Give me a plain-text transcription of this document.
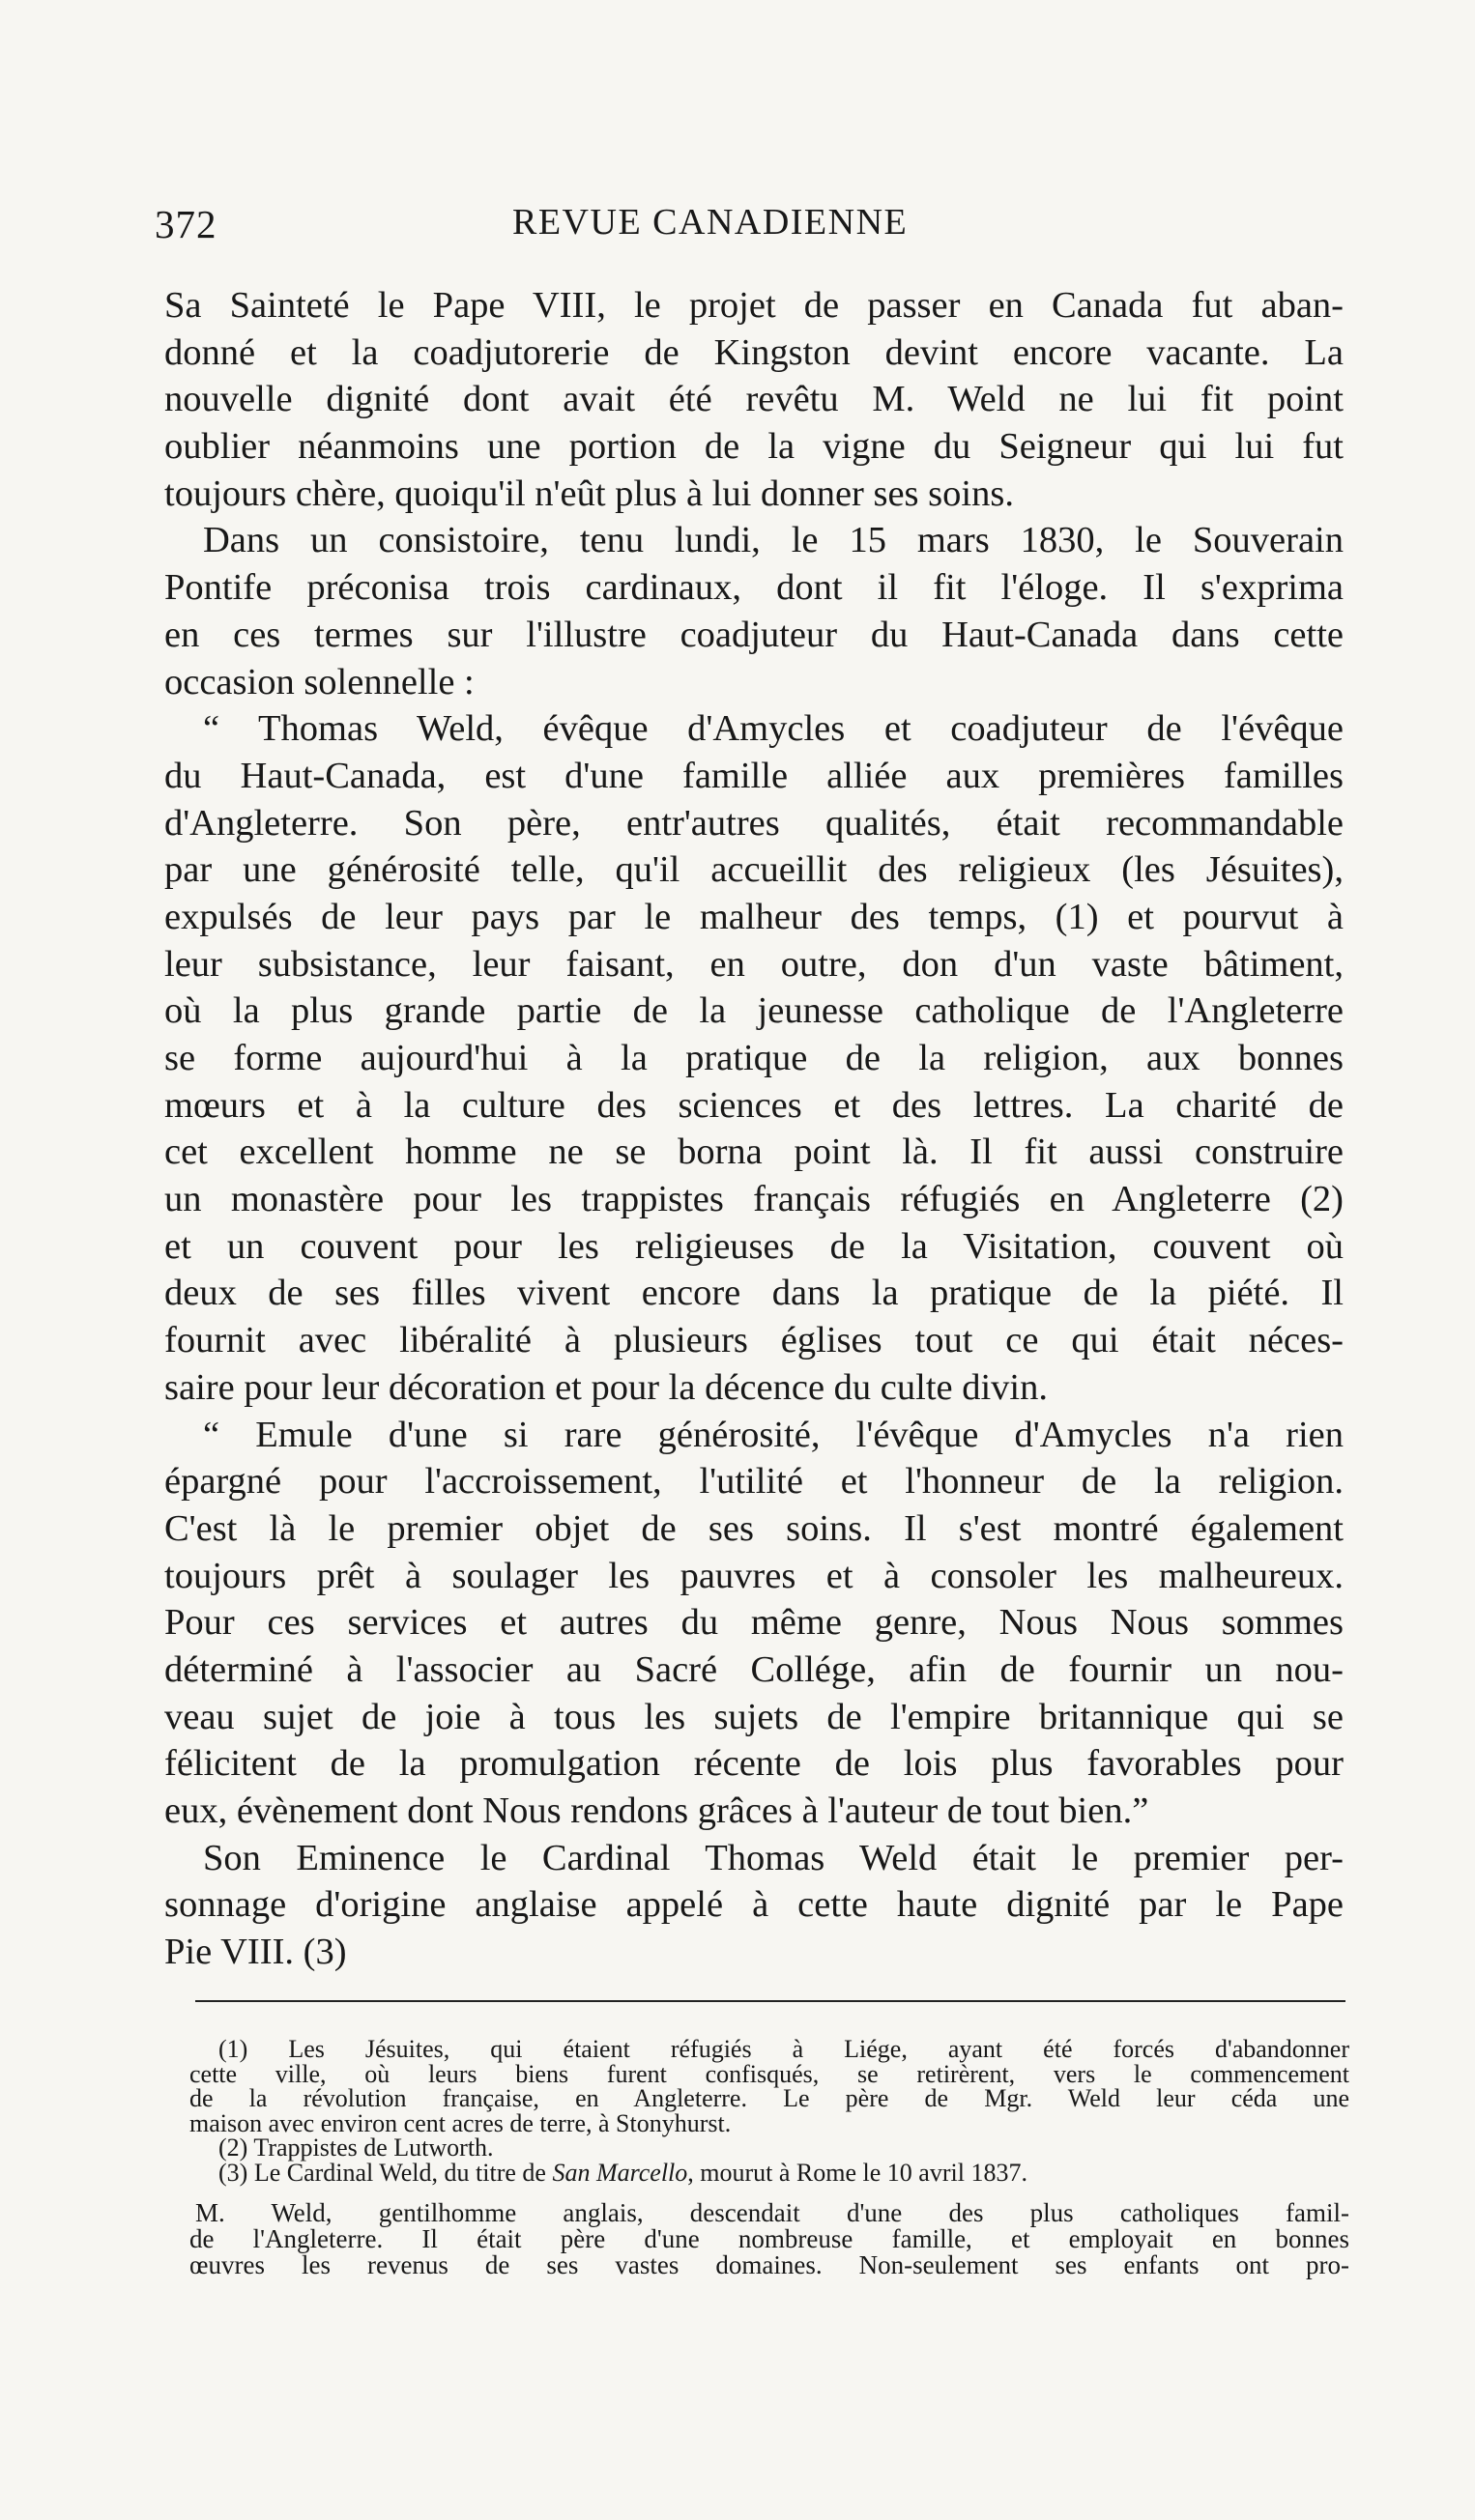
372	REVUE CANADIENNE
Sa Sainteté le Pape VIII, le projet de passer en Canada fut aban-
donné et la coadjutorerie de Kingston devint encore vacante. La
nouvelle dignité dont avait été revêtu M. Weld ne lui fit point
oublier néanmoins une portion de la vigne du Seigneur qui lui fut
toujours chère, quoiqu'il n'eût plus à lui donner ses soins.
Dans un consistoire, tenu lundi, le 15 mars 1830, le Souverain
Pontife préconisa trois cardinaux, dont il fit l'éloge. Il s'exprima
en ces termes sur l'illustre coadjuteur du Haut-Canada dans cette
occasion solennelle :
“ Thomas Weld, évêque d'Amycles et coadjuteur de l'évêque
du Haut-Canada, est d'une famille alliée aux premières familles
d'Angleterre. Son père, entr'autres qualités, était recommandable
par une générosité telle, qu'il accueillit des religieux (les Jésuites),
expulsés de leur pays par le malheur des temps, (1) et pourvut à
leur subsistance, leur faisant, en outre, don d'un vaste bâtiment,
où la plus grande partie de la jeunesse catholique de l'Angleterre
se forme aujourd'hui à la pratique de la religion, aux bonnes
mœurs et à la culture des sciences et des lettres. La charité de
cet excellent homme ne se borna point là. Il fit aussi construire
un monastère pour les trappistes français réfugiés en Angleterre (2)
et un couvent pour les religieuses de la Visitation, couvent où
deux de ses filles vivent encore dans la pratique de la piété. Il
fournit avec libéralité à plusieurs églises tout ce qui était néces-
saire pour leur décoration et pour la décence du culte divin.
“ Emule d'une si rare générosité, l'évêque d'Amycles n'a rien
épargné pour l'accroissement, l'utilité et l'honneur de la religion.
C'est là le premier objet de ses soins. Il s'est montré également
toujours prêt à soulager les pauvres et à consoler les malheureux.
Pour ces services et autres du même genre, Nous Nous sommes
déterminé à l'associer au Sacré Collége, afin de fournir un nou-
veau sujet de joie à tous les sujets de l'empire britannique qui se
félicitent de la promulgation récente de lois plus favorables pour
eux, évènement dont Nous rendons grâces à l'auteur de tout bien.”
Son Eminence le Cardinal Thomas Weld était le premier per-
sonnage d'origine anglaise appelé à cette haute dignité par le Pape
Pie VIII. (3)
(1) Les Jésuites, qui étaient réfugiés à Liége, ayant été forcés d'abandonner
cette ville, où leurs biens furent confisqués, se retirèrent, vers le commencement
de la révolution française, en Angleterre. Le père de Mgr. Weld leur céda une
maison avec environ cent acres de terre, à Stonyhurst.
(2) Trappistes de Lutworth.
(3) Le Cardinal Weld, du titre de San Marcello, mourut à Rome le 10 avril 1837.
M. Weld, gentilhomme anglais, descendait d'une des plus catholiques famil-
de l'Angleterre. Il était père d'une nombreuse famille, et employait en bonnes
œuvres les revenus de ses vastes domaines. Non-seulement ses enfants ont pro-
